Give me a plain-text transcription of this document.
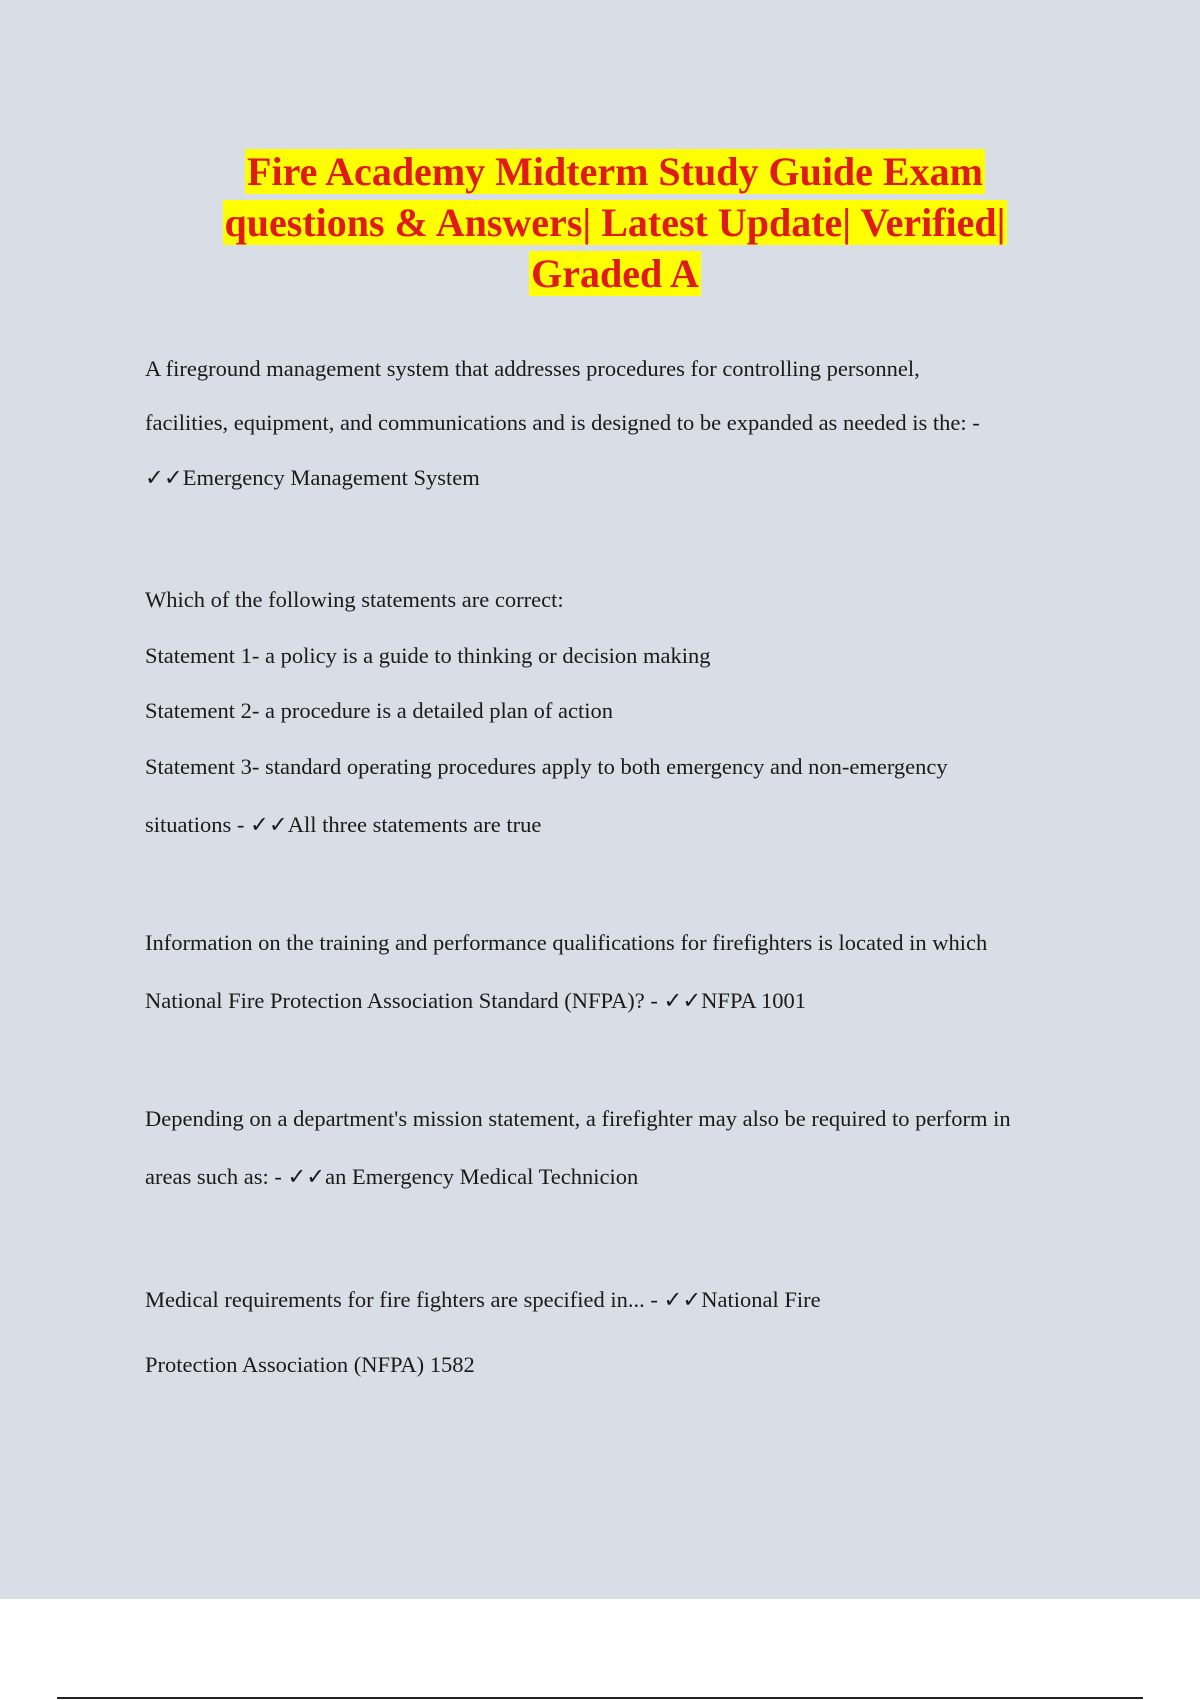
Fire Academy Midterm Study Guide Exam
questions & Answers| Latest Update| Verified|
Graded A
A fireground management system that addresses procedures for controlling personnel,
facilities, equipment, and communications and is designed to be expanded as needed is the: -
✓✓Emergency Management System
Which of the following statements are correct:
Statement 1- a policy is a guide to thinking or decision making
Statement 2- a procedure is a detailed plan of action
Statement 3- standard operating procedures apply to both emergency and non-emergency
situations - ✓✓All three statements are true
Information on the training and performance qualifications for firefighters is located in which
National Fire Protection Association Standard (NFPA)? - ✓✓NFPA 1001
Depending on a department's mission statement, a firefighter may also be required to perform in
areas such as: - ✓✓an Emergency Medical Technicion
Medical requirements for fire fighters are specified in... - ✓✓National Fire
Protection Association (NFPA) 1582
